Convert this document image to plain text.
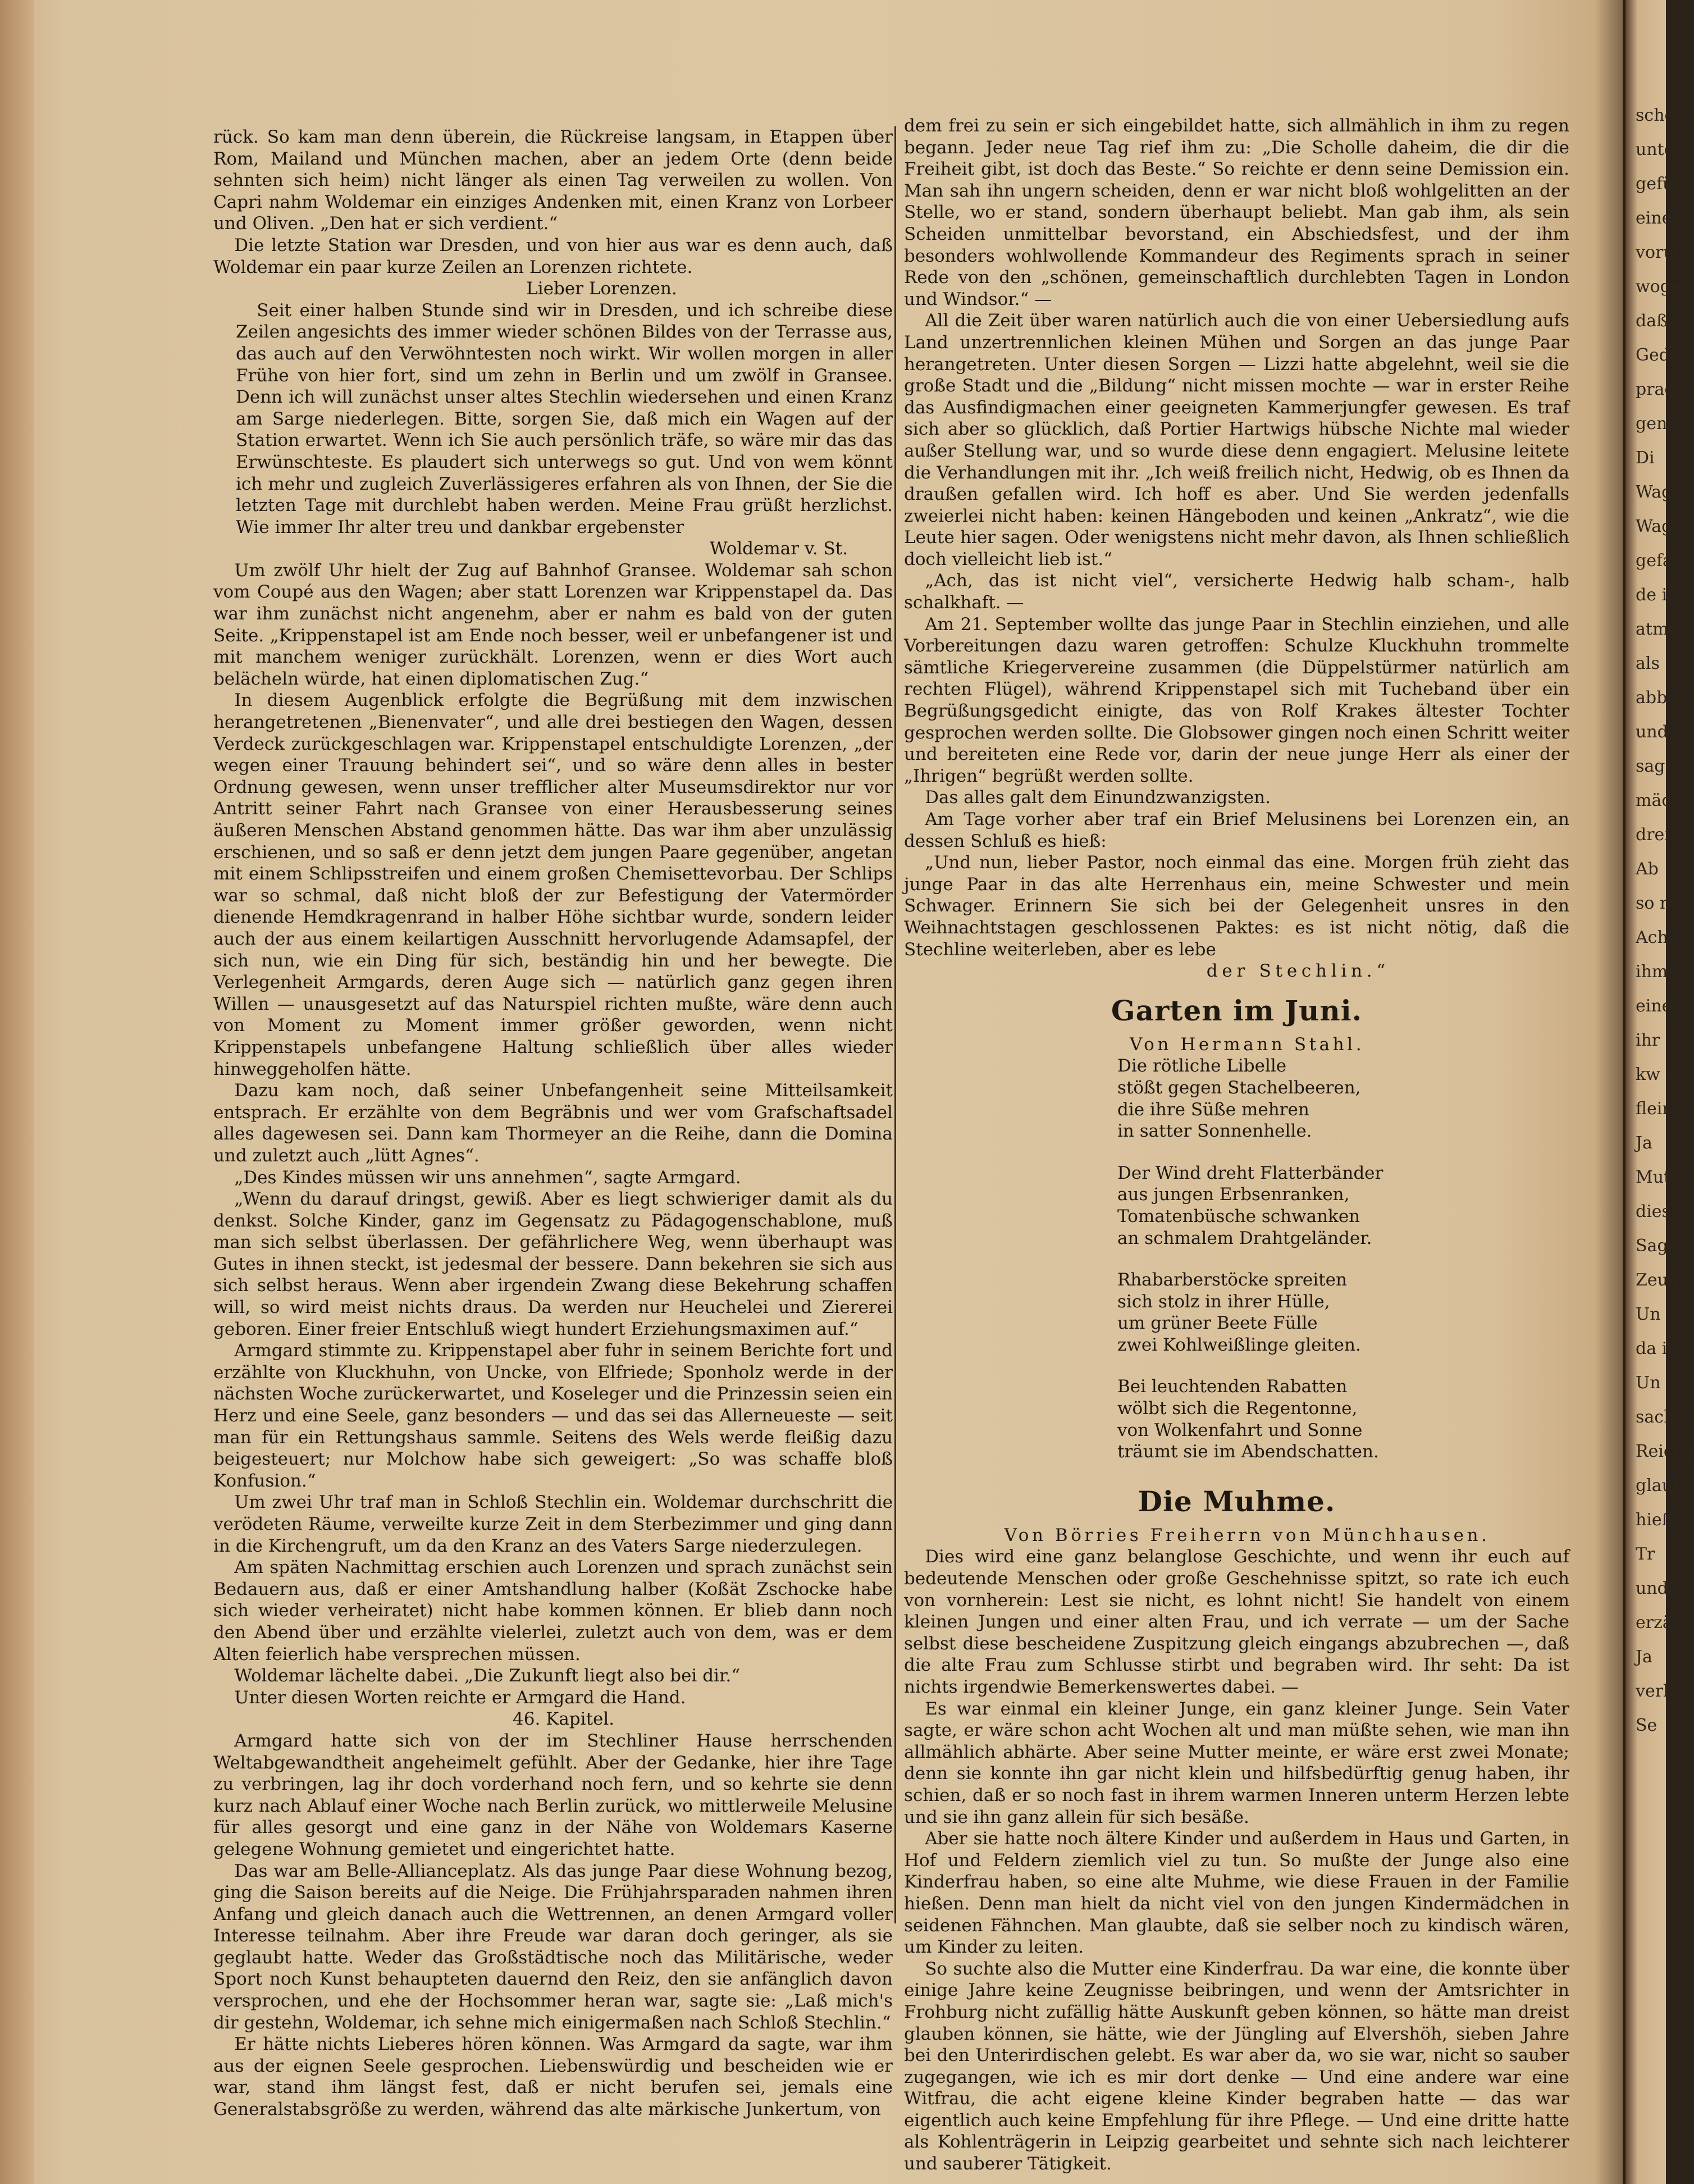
rück. So kam man denn überein, die Rückreise langsam, in Etappen über Rom, Mailand und München machen, aber an jedem Orte (denn beide sehnten sich heim) nicht länger als einen Tag verweilen zu wollen. Von Capri nahm Woldemar ein einziges Andenken mit, einen Kranz von Lorbeer und Oliven. „Den hat er sich verdient.“

Die letzte Station war Dresden, und von hier aus war es denn auch, daß Woldemar ein paar kurze Zeilen an Lorenzen richtete.

Lieber Lorenzen.

Seit einer halben Stunde sind wir in Dresden, und ich schreibe diese Zeilen angesichts des immer wieder schönen Bildes von der Terrasse aus, das auch auf den Verwöhntesten noch wirkt. Wir wollen morgen in aller Frühe von hier fort, sind um zehn in Berlin und um zwölf in Gransee. Denn ich will zunächst unser altes Stechlin wiedersehen und einen Kranz am Sarge niederlegen. Bitte, sorgen Sie, daß mich ein Wagen auf der Station erwartet. Wenn ich Sie auch persönlich träfe, so wäre mir das das Erwünschteste. Es plaudert sich unterwegs so gut. Und von wem könnt ich mehr und zugleich Zuverlässigeres erfahren als von Ihnen, der Sie die letzten Tage mit durchlebt haben werden. Meine Frau grüßt herzlichst. Wie immer Ihr alter treu und dankbar ergebenster

Woldemar v. St.

Um zwölf Uhr hielt der Zug auf Bahnhof Gransee. Woldemar sah schon vom Coupé aus den Wagen; aber statt Lorenzen war Krippenstapel da. Das war ihm zunächst nicht angenehm, aber er nahm es bald von der guten Seite. „Krippenstapel ist am Ende noch besser, weil er unbefangener ist und mit manchem weniger zurückhält. Lorenzen, wenn er dies Wort auch belächeln würde, hat einen diplomatischen Zug.“

In diesem Augenblick erfolgte die Begrüßung mit dem inzwischen herangetretenen „Bienenvater“, und alle drei bestiegen den Wagen, dessen Verdeck zurückgeschlagen war. Krippenstapel entschuldigte Lorenzen, „der wegen einer Trauung behindert sei“, und so wäre denn alles in bester Ordnung gewesen, wenn unser trefflicher alter Museumsdirektor nur vor Antritt seiner Fahrt nach Gransee von einer Herausbesserung seines äußeren Menschen Abstand genommen hätte. Das war ihm aber unzulässig erschienen, und so saß er denn jetzt dem jungen Paare gegenüber, angetan mit einem Schlipsstreifen und einem großen Chemisettevorbau. Der Schlips war so schmal, daß nicht bloß der zur Befestigung der Vatermörder dienende Hemdkragenrand in halber Höhe sichtbar wurde, sondern leider auch der aus einem keilartigen Ausschnitt hervorlugende Adamsapfel, der sich nun, wie ein Ding für sich, beständig hin und her bewegte. Die Verlegenheit Armgards, deren Auge sich — natürlich ganz gegen ihren Willen — unausgesetzt auf das Naturspiel richten mußte, wäre denn auch von Moment zu Moment immer größer geworden, wenn nicht Krippenstapels unbefangene Haltung schließlich über alles wieder hinweggeholfen hätte.

Dazu kam noch, daß seiner Unbefangenheit seine Mitteilsamkeit entsprach. Er erzählte von dem Begräbnis und wer vom Grafschaftsadel alles dagewesen sei. Dann kam Thormeyer an die Reihe, dann die Domina und zuletzt auch „lütt Agnes“.

„Des Kindes müssen wir uns annehmen“, sagte Armgard.

„Wenn du darauf dringst, gewiß. Aber es liegt schwieriger damit als du denkst. Solche Kinder, ganz im Gegensatz zu Pädagogenschablone, muß man sich selbst überlassen. Der gefährlichere Weg, wenn überhaupt was Gutes in ihnen steckt, ist jedesmal der bessere. Dann bekehren sie sich aus sich selbst heraus. Wenn aber irgendein Zwang diese Bekehrung schaffen will, so wird meist nichts draus. Da werden nur Heuchelei und Ziererei geboren. Einer freier Entschluß wiegt hundert Erziehungsmaximen auf.“

Armgard stimmte zu. Krippenstapel aber fuhr in seinem Berichte fort und erzählte von Kluckhuhn, von Uncke, von Elfriede; Sponholz werde in der nächsten Woche zurückerwartet, und Koseleger und die Prinzessin seien ein Herz und eine Seele, ganz besonders — und das sei das Allerneueste — seit man für ein Rettungshaus sammle. Seitens des Wels werde fleißig dazu beigesteuert; nur Molchow habe sich geweigert: „So was schaffe bloß Konfusion.“

Um zwei Uhr traf man in Schloß Stechlin ein. Woldemar durchschritt die verödeten Räume, verweilte kurze Zeit in dem Sterbezimmer und ging dann in die Kirchengruft, um da den Kranz an des Vaters Sarge niederzulegen.

Am späten Nachmittag erschien auch Lorenzen und sprach zunächst sein Bedauern aus, daß er einer Amtshandlung halber (Koßät Zschocke habe sich wieder verheiratet) nicht habe kommen können. Er blieb dann noch den Abend über und erzählte vielerlei, zuletzt auch von dem, was er dem Alten feierlich habe versprechen müssen.

Woldemar lächelte dabei. „Die Zukunft liegt also bei dir.“

Unter diesen Worten reichte er Armgard die Hand.

46. Kapitel.

Armgard hatte sich von der im Stechliner Hause herrschenden Weltabgewandtheit angeheimelt gefühlt. Aber der Gedanke, hier ihre Tage zu verbringen, lag ihr doch vorderhand noch fern, und so kehrte sie denn kurz nach Ablauf einer Woche nach Berlin zurück, wo mittlerweile Melusine für alles gesorgt und eine ganz in der Nähe von Woldemars Kaserne gelegene Wohnung gemietet und eingerichtet hatte.

Das war am Belle-Allianceplatz. Als das junge Paar diese Wohnung bezog, ging die Saison bereits auf die Neige. Die Frühjahrsparaden nahmen ihren Anfang und gleich danach auch die Wettrennen, an denen Armgard voller Interesse teilnahm. Aber ihre Freude war daran doch geringer, als sie geglaubt hatte. Weder das Großstädtische noch das Militärische, weder Sport noch Kunst behaupteten dauernd den Reiz, den sie anfänglich davon versprochen, und ehe der Hochsommer heran war, sagte sie: „Laß mich's dir gestehn, Woldemar, ich sehne mich einigermaßen nach Schloß Stechlin.“

Er hätte nichts Lieberes hören können. Was Armgard da sagte, war ihm aus der eignen Seele gesprochen. Liebenswürdig und bescheiden wie er war, stand ihm längst fest, daß er nicht berufen sei, jemals eine Generalstabsgröße zu werden, während das alte märkische Junkertum, von

dem frei zu sein er sich eingebildet hatte, sich allmählich in ihm zu regen begann. Jeder neue Tag rief ihm zu: „Die Scholle daheim, die dir die Freiheit gibt, ist doch das Beste.“ So reichte er denn seine Demission ein. Man sah ihn ungern scheiden, denn er war nicht bloß wohlgelitten an der Stelle, wo er stand, sondern überhaupt beliebt. Man gab ihm, als sein Scheiden unmittelbar bevorstand, ein Abschiedsfest, und der ihm besonders wohlwollende Kommandeur des Regiments sprach in seiner Rede von den „schönen, gemeinschaftlich durchlebten Tagen in London und Windsor.“ —

All die Zeit über waren natürlich auch die von einer Uebersiedlung aufs Land unzertrennlichen kleinen Mühen und Sorgen an das junge Paar herangetreten. Unter diesen Sorgen — Lizzi hatte abgelehnt, weil sie die große Stadt und die „Bildung“ nicht missen mochte — war in erster Reihe das Ausfindigmachen einer geeigneten Kammerjungfer gewesen. Es traf sich aber so glücklich, daß Portier Hartwigs hübsche Nichte mal wieder außer Stellung war, und so wurde diese denn engagiert. Melusine leitete die Verhandlungen mit ihr. „Ich weiß freilich nicht, Hedwig, ob es Ihnen da draußen gefallen wird. Ich hoff es aber. Und Sie werden jedenfalls zweierlei nicht haben: keinen Hängeboden und keinen „Ankratz“, wie die Leute hier sagen. Oder wenigstens nicht mehr davon, als Ihnen schließlich doch vielleicht lieb ist.“

„Ach, das ist nicht viel“, versicherte Hedwig halb scham-, halb schalkhaft. —

Am 21. September wollte das junge Paar in Stechlin einziehen, und alle Vorbereitungen dazu waren getroffen: Schulze Kluckhuhn trommelte sämtliche Kriegervereine zusammen (die Düppelstürmer natürlich am rechten Flügel), während Krippenstapel sich mit Tucheband über ein Begrüßungsgedicht einigte, das von Rolf Krakes ältester Tochter gesprochen werden sollte. Die Globsower gingen noch einen Schritt weiter und bereiteten eine Rede vor, darin der neue junge Herr als einer der „Ihrigen“ begrüßt werden sollte.

Das alles galt dem Einundzwanzigsten.

Am Tage vorher aber traf ein Brief Melusinens bei Lorenzen ein, an dessen Schluß es hieß:

„Und nun, lieber Pastor, noch einmal das eine. Morgen früh zieht das junge Paar in das alte Herrenhaus ein, meine Schwester und mein Schwager. Erinnern Sie sich bei der Gelegenheit unsres in den Weihnachtstagen geschlossenen Paktes: es ist nicht nötig, daß die Stechline weiterleben, aber es lebe

der Stechlin.“

Garten im Juni.

Von Hermann Stahl.

Die rötliche Libelle
stößt gegen Stachelbeeren,
die ihre Süße mehren
in satter Sonnenhelle.
Der Wind dreht Flatterbänder
aus jungen Erbsenranken,
Tomatenbüsche schwanken
an schmalem Drahtgeländer.
Rhabarberstöcke spreiten
sich stolz in ihrer Hülle,
um grüner Beete Fülle
zwei Kohlweißlinge gleiten.
Bei leuchtenden Rabatten
wölbt sich die Regentonne,
von Wolkenfahrt und Sonne
träumt sie im Abendschatten.
Die Muhme.

Von Börries Freiherrn von Münchhausen.

Dies wird eine ganz belanglose Geschichte, und wenn ihr euch auf bedeutende Menschen oder große Geschehnisse spitzt, so rate ich euch von vornherein: Lest sie nicht, es lohnt nicht! Sie handelt von einem kleinen Jungen und einer alten Frau, und ich verrate — um der Sache selbst diese bescheidene Zuspitzung gleich eingangs abzubrechen —, daß die alte Frau zum Schlusse stirbt und begraben wird. Ihr seht: Da ist nichts irgendwie Bemerkenswertes dabei. —

Es war einmal ein kleiner Junge, ein ganz kleiner Junge. Sein Vater sagte, er wäre schon acht Wochen alt und man müßte sehen, wie man ihn allmählich abhärte. Aber seine Mutter meinte, er wäre erst zwei Monate; denn sie konnte ihn gar nicht klein und hilfsbedürftig genug haben, ihr schien, daß er so noch fast in ihrem warmen Inneren unterm Herzen lebte und sie ihn ganz allein für sich besäße.

Aber sie hatte noch ältere Kinder und außerdem in Haus und Garten, in Hof und Feldern ziemlich viel zu tun. So mußte der Junge also eine Kinderfrau haben, so eine alte Muhme, wie diese Frauen in der Familie hießen. Denn man hielt da nicht viel von den jungen Kindermädchen in seidenen Fähnchen. Man glaubte, daß sie selber noch zu kindisch wären, um Kinder zu leiten.

So suchte also die Mutter eine Kinderfrau. Da war eine, die konnte über einige Jahre keine Zeugnisse beibringen, und wenn der Amtsrichter in Frohburg nicht zufällig hätte Auskunft geben können, so hätte man dreist glauben können, sie hätte, wie der Jüngling auf Elvershöh, sieben Jahre bei den Unterirdischen gelebt. Es war aber da, wo sie war, nicht so sauber zugegangen, wie ich es mir dort denke — Und eine andere war eine Witfrau, die acht eigene kleine Kinder begraben hatte — das war eigentlich auch keine Empfehlung für ihre Pflege. — Und eine dritte hatte als Kohlenträgerin in Leipzig gearbeitet und sehnte sich nach leichterer und sauberer Tätigkeit.

scheo
unter
gefü
eine
vorub
woge
daß
Geda
prach
gen
Di
Wage
Wage
gefal
de il
atmo
als
abbet
und
sage
mäch
drei
Ab
so n
Ach,
ihm
eine
ihr
kw so
fleine
Ja
Mutte
dies
Sagen
Zeug
Un
da in
Un
sache
Reiche
glaub
hieße
Tr
und
erzähl
Ja
verbi
Se
